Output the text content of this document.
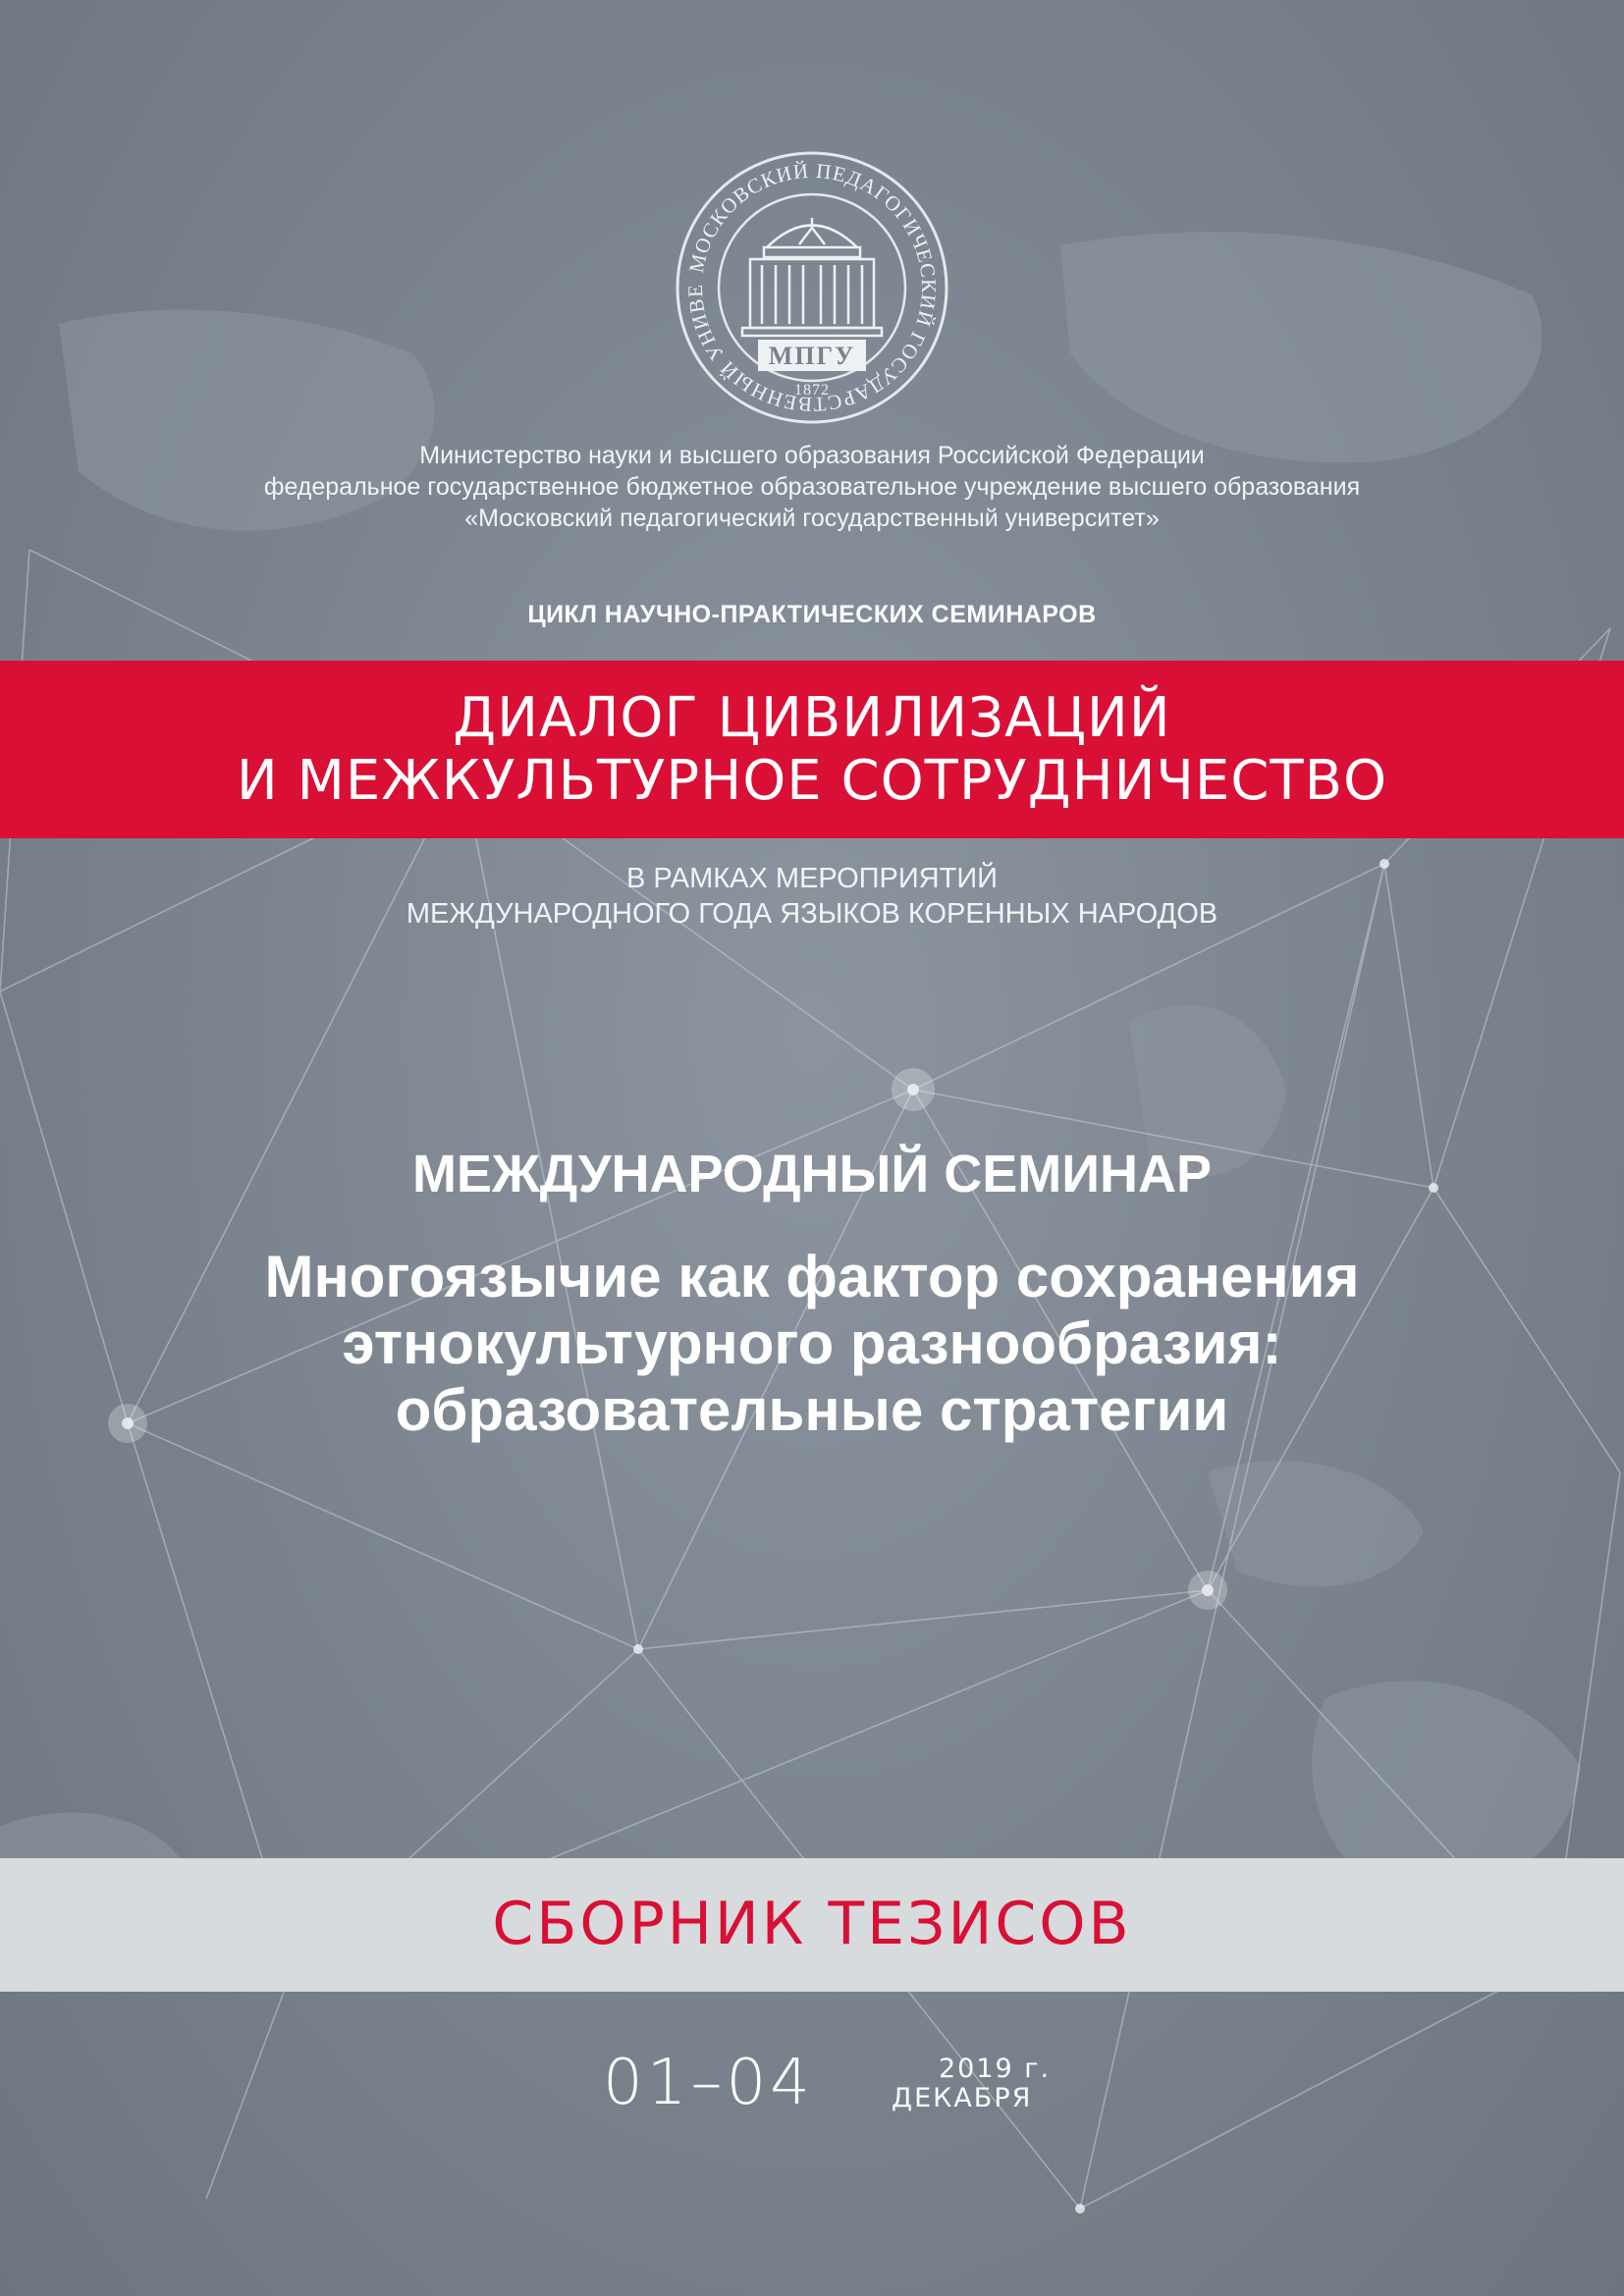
МОСКОВСКИЙ ПЕДАГОГИЧЕСКИЙ ГОСУДАРСТВЕННЫЙ УНИВЕ
МПГУ
1872
Министерство науки и высшего образования Российской Федерации
федеральное государственное бюджетное образовательное учреждение высшего образования
«Московский педагогический государственный университет»
ЦИКЛ НАУЧНО-ПРАКТИЧЕСКИХ СЕМИНАРОВ
ДИАЛОГ ЦИВИЛИЗАЦИЙ
И МЕЖКУЛЬТУРНОЕ СОТРУДНИЧЕСТВО
В РАМКАХ МЕРОПРИЯТИЙ
МЕЖДУНАРОДНОГО ГОДА ЯЗЫКОВ КОРЕННЫХ НАРОДОВ
МЕЖДУНАРОДНЫЙ СЕМИНАР
Многоязычие как фактор сохранения
этнокультурного разнообразия:
образовательные стратегии
СБОРНИК ТЕЗИСОВ
01–04	2019 г.
ДЕКАБРЯ
